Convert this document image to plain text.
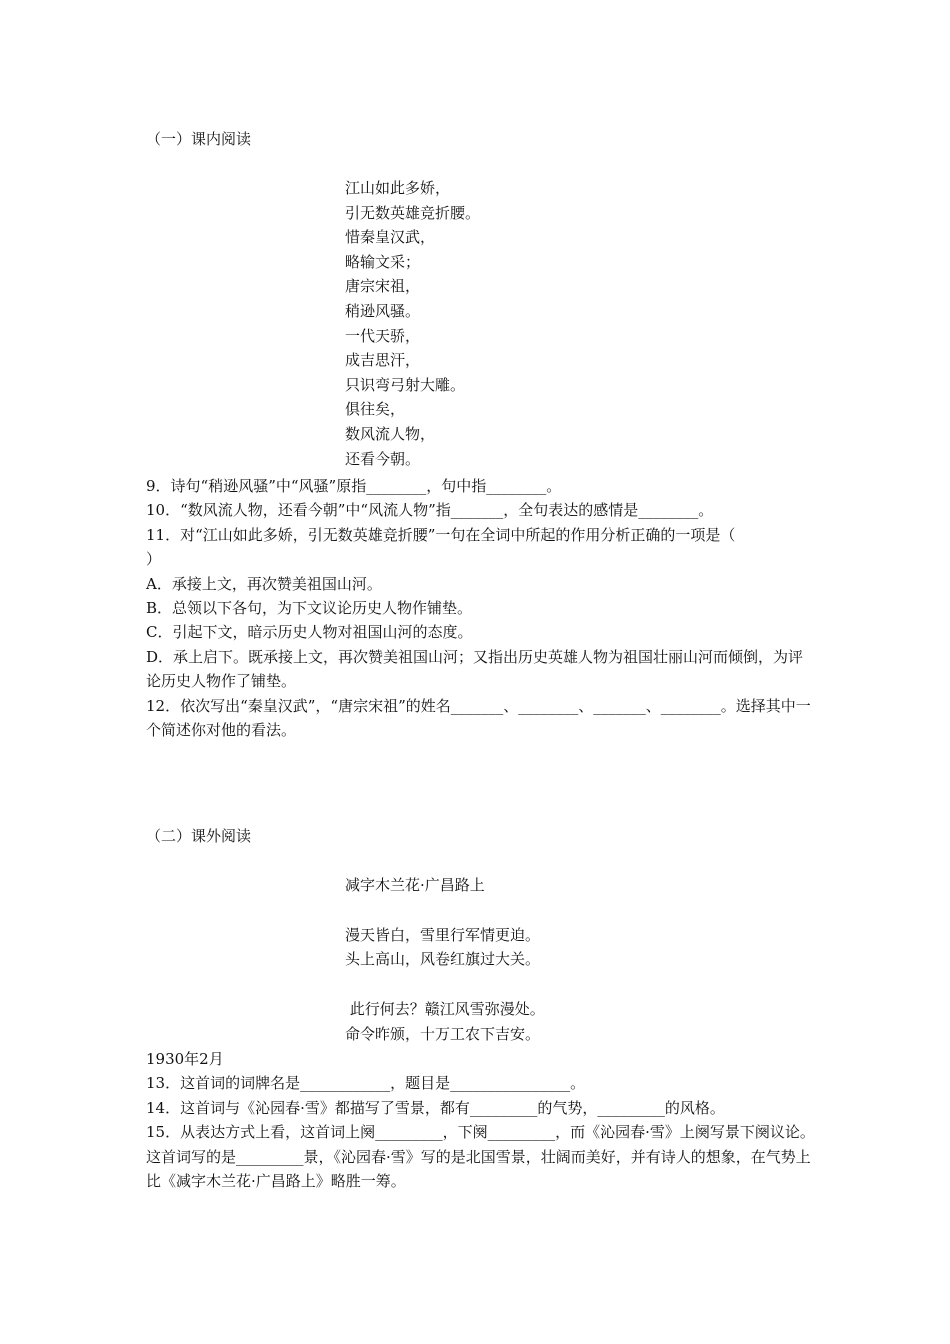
（一）课内阅读
江山如此多娇，
引无数英雄竞折腰。
惜秦皇汉武，
略输文采；
唐宗宋祖，
稍逊风骚。
一代天骄，
成吉思汗，
只识弯弓射大雕。
俱往矣，
数风流人物，
还看今朝。
9．诗句“稍逊风骚”中“风骚”原指________，句中指________。
10．“数风流人物，还看今朝”中“风流人物”指_______，全句表达的感情是________。
11．对“江山如此多娇，引无数英雄竞折腰”一句在全词中所起的作用分析正确的一项是（
）
A．承接上文，再次赞美祖国山河。
B．总领以下各句，为下文议论历史人物作铺垫。
C．引起下文，暗示历史人物对祖国山河的态度。
D．承上启下。既承接上文，再次赞美祖国山河；又指出历史英雄人物为祖国壮丽山河而倾倒，为评论历史人物作了铺垫。
12．依次写出“秦皇汉武”，“唐宗宋祖”的姓名_______、________、_______、________。选择其中一个简述你对他的看法。
（二）课外阅读
减字木兰花·广昌路上
漫天皆白，雪里行军情更迫。
头上高山，风卷红旗过大关。
此行何去？赣江风雪弥漫处。
命令昨颁，十万工农下吉安。
1930年2月
13．这首词的词牌名是____________，题目是________________。
14．这首词与《沁园春·雪》都描写了雪景，都有_________的气势，_________的风格。
15．从表达方式上看，这首词上阕_________，下阕_________，而《沁园春·雪》上阕写景下阕议论。这首词写的是_________景，《沁园春·雪》写的是北国雪景，壮阔而美好，并有诗人的想象，在气势上比《减字木兰花·广昌路上》略胜一筹。
